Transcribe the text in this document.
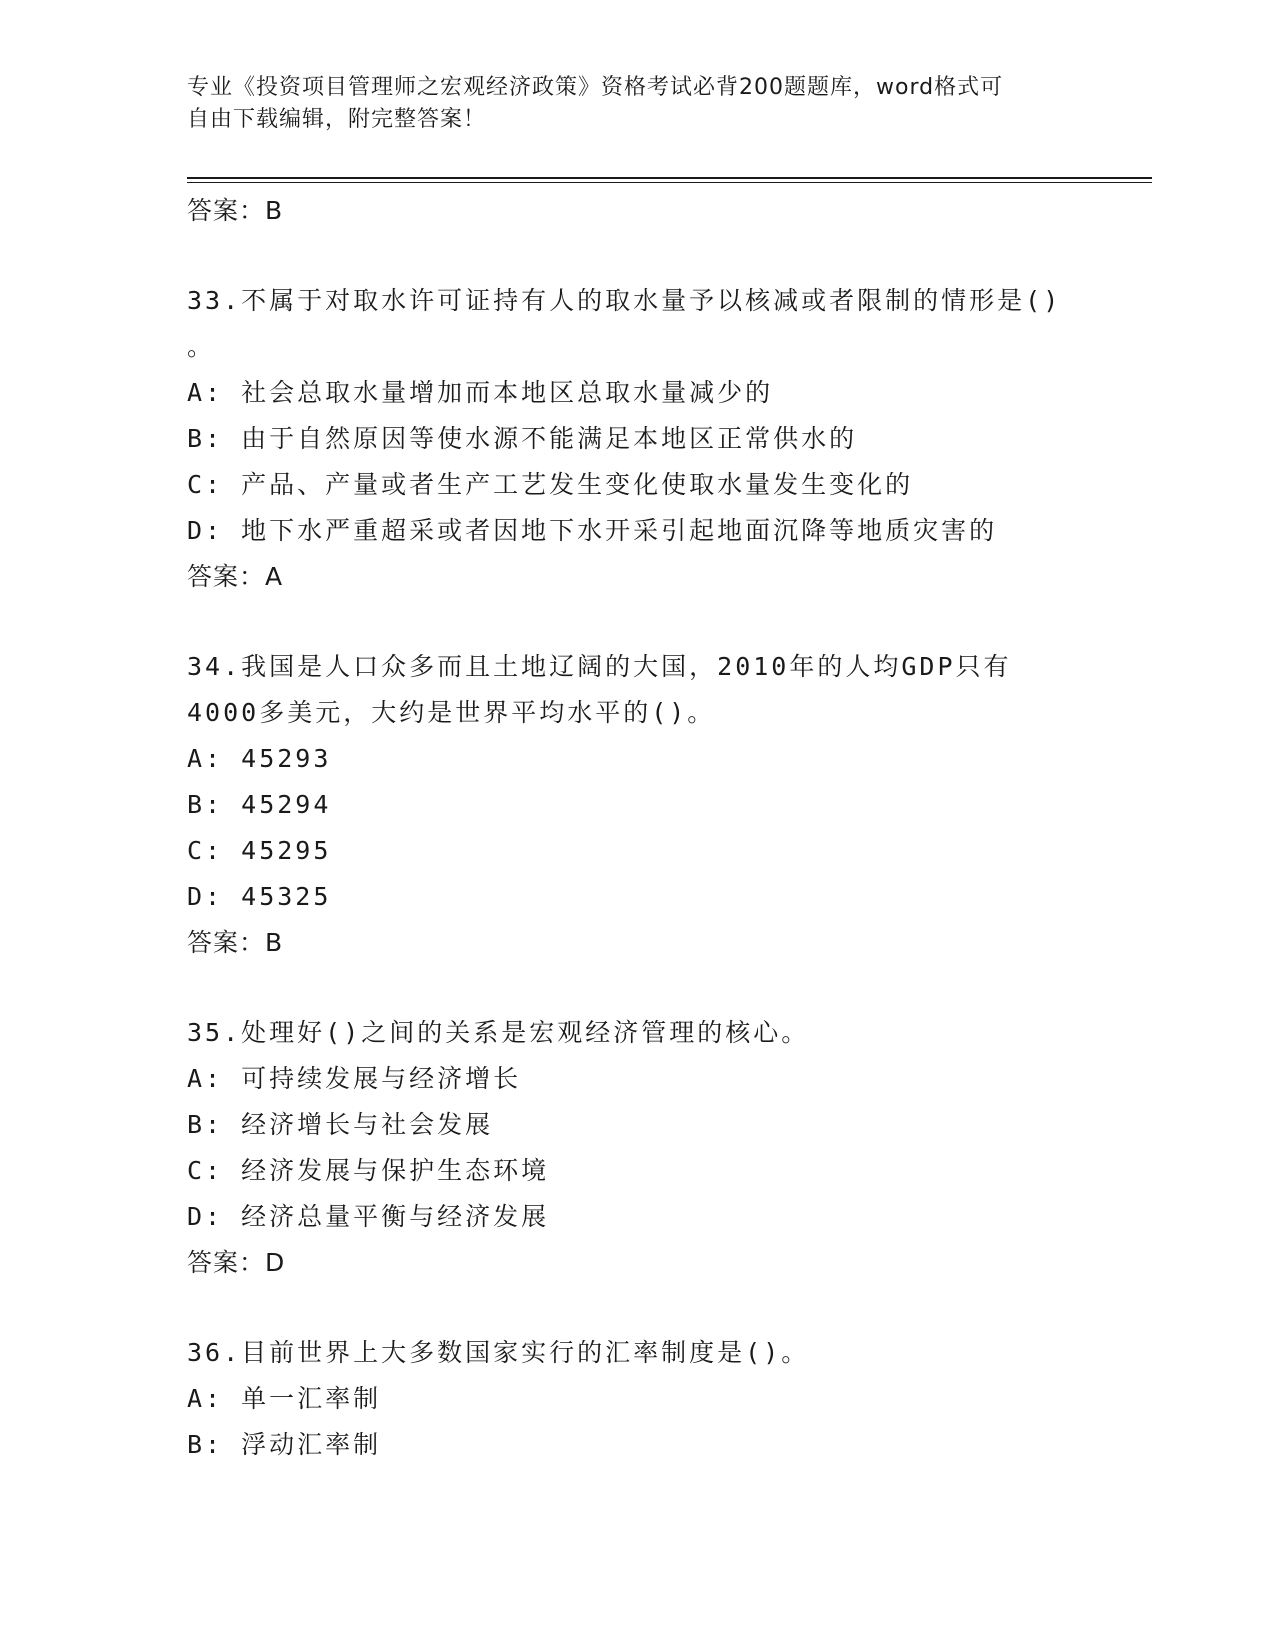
专业《投资项目管理师之宏观经济政策》资格考试必背200题题库，word格式可
自由下载编辑，附完整答案！
答案：B
33.不属于对取水许可证持有人的取水量予以核减或者限制的情形是()
。
A: 社会总取水量增加而本地区总取水量减少的
B: 由于自然原因等使水源不能满足本地区正常供水的
C: 产品、产量或者生产工艺发生变化使取水量发生变化的
D: 地下水严重超采或者因地下水开采引起地面沉降等地质灾害的
答案：A
34.我国是人口众多而且土地辽阔的大国，2010年的人均GDP只有
4000多美元，大约是世界平均水平的()。
A: 45293
B: 45294
C: 45295
D: 45325
答案：B
35.处理好()之间的关系是宏观经济管理的核心。
A: 可持续发展与经济增长
B: 经济增长与社会发展
C: 经济发展与保护生态环境
D: 经济总量平衡与经济发展
答案：D
36.目前世界上大多数国家实行的汇率制度是()。
A: 单一汇率制
B: 浮动汇率制
